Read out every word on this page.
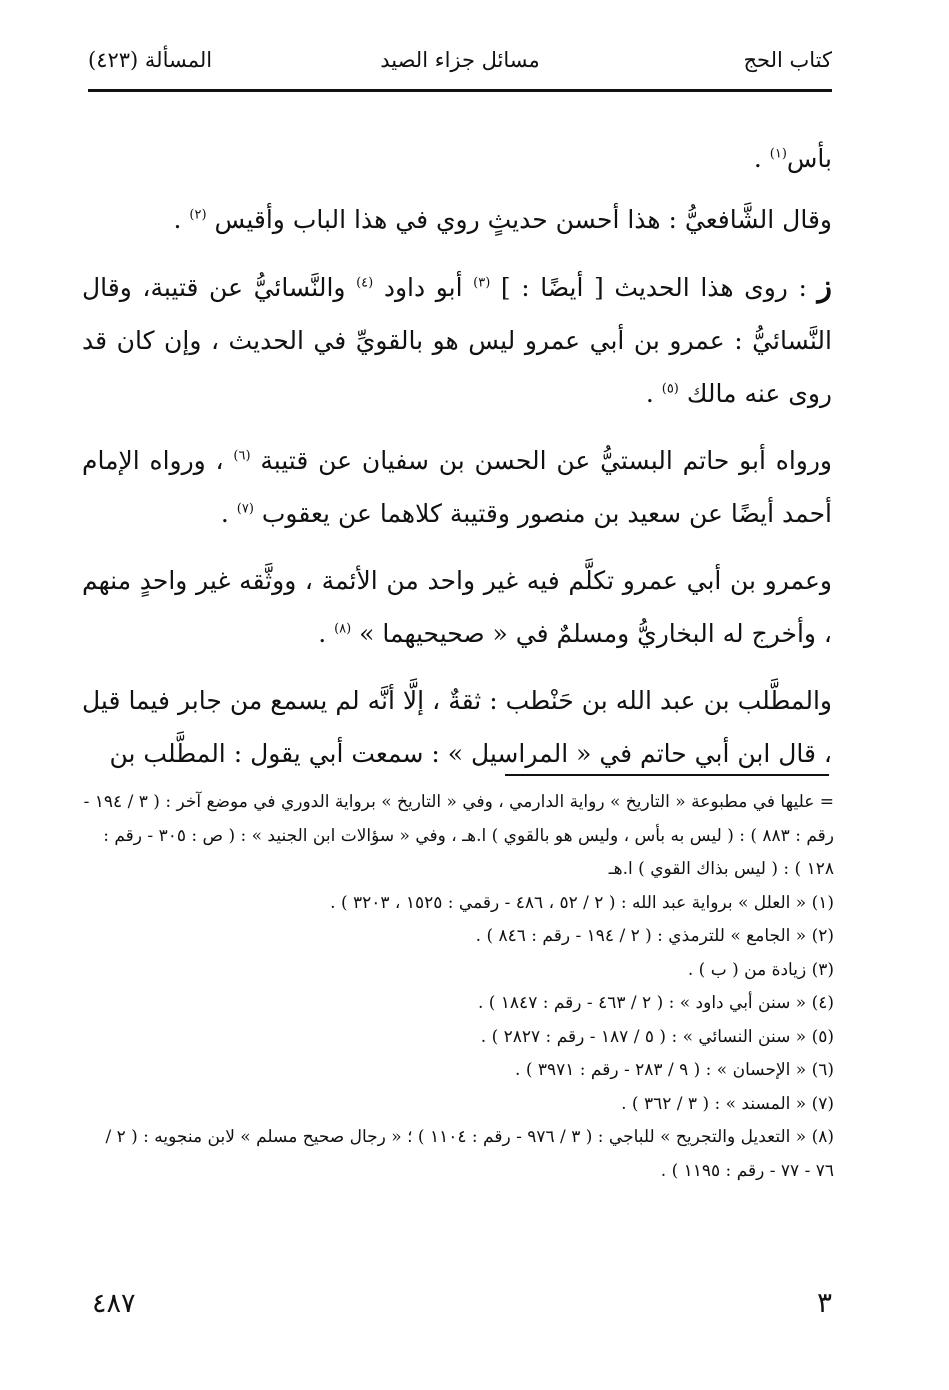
كتاب الحج
مسائل جزاء الصيد
المسألة (٤٢٣)

بأس$^{(١)}$ .

وقال الشَّافعيُّ : هذا أحسن حديثٍ روي في هذا الباب وأقيس $^{(٢)}$ .

ز : روى هذا الحديث [ أيضًا : ] $^{(٣)}$ أبو داود $^{(٤)}$ والنَّسائيُّ عن قتيبة، وقال النَّسائيُّ : عمرو بن أبي عمرو ليس هو بالقويِّ في الحديث ، وإن كان قد روى عنه مالك $^{(٥)}$ .

ورواه أبو حاتم البستيُّ عن الحسن بن سفيان عن قتيبة $^{(٦)}$ ، ورواه الإمام أحمد أيضًا عن سعيد بن منصور وقتيبة كلاهما عن يعقوب $^{(٧)}$ .

وعمرو بن أبي عمرو تكلَّم فيه غير واحد من الأئمة ، ووثَّقه غير واحدٍ منهم ، وأخرج له البخاريُّ ومسلمٌ في « صحيحيهما » $^{(٨)}$ .

والمطَّلب بن عبد الله بن حَنْطب : ثقةٌ ، إلَّا أنَّه لم يسمع من جابر فيما قيل ، قال ابن أبي حاتم في « المراسيل » : سمعت أبي يقول : المطَّلب بن

= عليها في مطبوعة « التاريخ » رواية الدارمي ، وفي « التاريخ » برواية الدوري في موضع آخر : ( ٣ / ١٩٤ - رقم : ٨٨٣ ) : ( ليس به بأس ، وليس هو بالقوي ) ا.هـ ، وفي « سؤالات ابن الجنيد » : ( ص : ٣٠٥ - رقم : ١٢٨ ) : ( ليس بذاك القوي ) ا.هـ

(١) « العلل » برواية عبد الله : ( ٢ / ٥٢ ، ٤٨٦ - رقمي : ١٥٢٥ ، ٣٢٠٣ ) .

(٢) « الجامع » للترمذي : ( ٢ / ١٩٤ - رقم : ٨٤٦ ) .

(٣) زيادة من ( ب ) .

(٤) « سنن أبي داود » : ( ٢ / ٤٦٣ - رقم : ١٨٤٧ ) .

(٥) « سنن النسائي » : ( ٥ / ١٨٧ - رقم : ٢٨٢٧ ) .

(٦) « الإحسان » : ( ٩ / ٢٨٣ - رقم : ٣٩٧١ ) .

(٧) « المسند » : ( ٣ / ٣٦٢ ) .

(٨) « التعديل والتجريح » للباجي : ( ٣ / ٩٧٦ - رقم : ١١٠٤ ) ؛ « رجال صحيح مسلم » لابن منجويه : ( ٢ / ٧٦ - ٧٧ - رقم : ١١٩٥ ) .

٣
٤٨٧
